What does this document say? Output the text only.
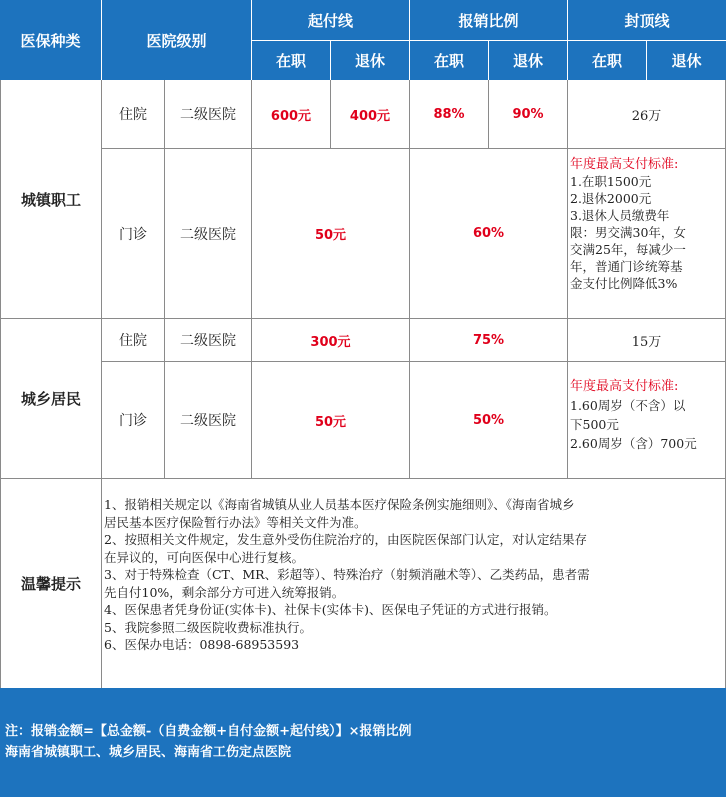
医保种类	医院级别
起付线	报销比例	封顶线
在职	退休	在职	退休	在职	退休
城镇职工
住院	二级医院	600元	400元	88%	90%	26万
门诊	二级医院	50元	60%
年度最高支付标准:
1.在职1500元
2.退休2000元
3.退休人员缴费年
限：男交满30年，女
交满25年，每减少一
年，普通门诊统筹基
金支付比例降低3%
城乡居民
住院	二级医院	300元	75%	15万
门诊	二级医院	50元	50%
年度最高支付标准:
1.60周岁（不含）以
下500元
2.60周岁（含）700元
温馨提示
1、报销相关规定以《海南省城镇从业人员基本医疗保险条例实施细则》、《海南省城乡
居民基本医疗保险暂行办法》等相关文件为准。
2、按照相关文件规定，发生意外受伤住院治疗的，由医院医保部门认定，对认定结果存
在异议的，可向医保中心进行复核。
3、对于特殊检查（CT、MR、彩超等）、特殊治疗（射频消融术等）、乙类药品，患者需
先自付10%，剩余部分方可进入统筹报销。
4、医保患者凭身份证(实体卡)、社保卡(实体卡)、医保电子凭证的方式进行报销。
5、我院参照二级医院收费标准执行。
6、医保办电话：0898-68953593
注：报销金额=【总金额-（自费金额+自付金额+起付线）】×报销比例
海南省城镇职工、城乡居民、海南省工伤定点医院
